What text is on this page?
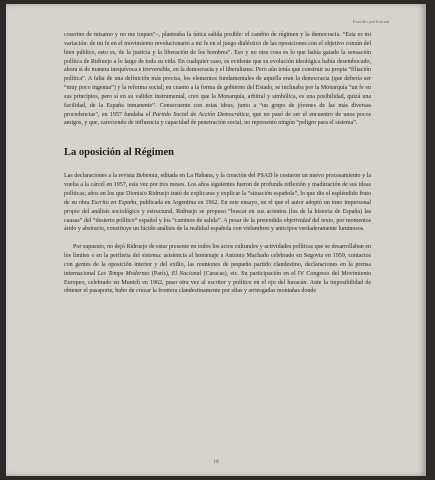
Estudio preliminar

coserino de misamo y no me toques”–, planteaba la única salida posible: el cambio de régimen y la democracia. “Esta es mi variación: de mi fe en el movimiento revolucionario a mi fe en el juego dialéctico de las oposiciones con el objetivo común del bien público, esto es, de la justicia y la liberación de los hombres”. Eso y no otra cosa es lo que había gatado la sensación política de Ridruejo a lo largo de toda su vida. En cualquier caso, es evidente que su evolución ideológica había desembocado, ahora sí de manera inequívoca e irreversible, en la democracia y el liberalismo. Pero aún tenía que construir su propia “filiación política”. A falta de una definición más precisa, los elementos fundamentales de aquella eran la democracia (que debería ser “muy poco ingenua”) y la reforma social; en cuanto a la forma de gobierno del Estado, se inclinaba por la Monarquía “un fe en sus principios, pero sí en su validez instrumental, creo que la Monarquía, arbitral y simbólica, es una posibilidad, quizá una facilidad, de la España inmanente”. Consecuente con estas ideas, junto a “un grupo de jóvenes de las más diversas procedencias”, en 1957 fundaba el Partido Social de Acción Democrática, que no pasó de ser el encuentro de unos pocos amigos, y que, careciendo de influencia y capacidad de penetración social, no representó ningún “peligro para el sistema”.

La oposición al Régimen

Las declaraciones a la revista Bohemia, editada en La Habana, y la creación del PSAD le costaron un nuevo procesamiento y la vuelta a la cárcel en 1957, esta vez por tres meses. Los años siguientes fueron de profunda reflexión y maduración de sus ideas políticas; años en los que Dionisio Ridruejo trató de explicarse y explicar la “situación española”, lo que dio el espléndido fruto de su obra Escrito en España, publicada en Argentina en 1962. En este ensayo, en el que el autor adoptó un tono impersonal propio del análisis sociológico y estructural, Ridruejo se propuso “buscar en sus acientos (los de la historia de España) las causas” del “desierto político” español y los “caminos de salida”. A pesar de la pretendida objetividad del texto, por momentos árido y abstracto, constituye un lúcido análisis de la realidad española con vislumbres y anticipos verdaderamente luminosos.

Por supuesto, no dejó Ridruejo de estar presente en todos los actos culturales y actividades políticas que se desarrollaban en los límites o en la periferia del sistema: asistencia al homenaje a Antonio Machado celebrado en Segovia en 1959, contactos con gentes de la oposición interior y del exilio, las reuniones de pequeño partido clandestino, declaraciones en la prensa internacional Les Temps Modernes (París), El Nacional (Caracas), etc. Su participación en el IV Congreso del Movimiento Europeo, celebrado en Munich en 1962, puso otra vez al escritor y político en el ojo del huracán. Ante la imposibilidad de obtener el pasaporte, hubo de cruzar la frontera clandestinamente por altas y arriesgadas montañas donde

19
